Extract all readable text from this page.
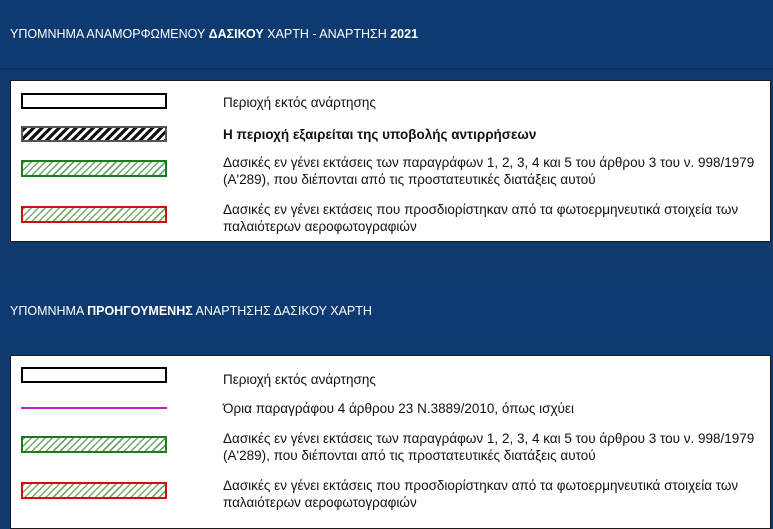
ΥΠΟΜΝΗΜΑ ΑΝΑΜΟΡΦΩΜΕΝΟΥ ΔΑΣΙΚΟΥ ΧΑΡΤΗ - ΑΝΑΡΤΗΣΗ 2021
Περιοχή εκτός ανάρτησης
Η περιοχή εξαιρείται της υποβολής αντιρρήσεων
Δασικές εν γένει εκτάσεις των παραγράφων 1, 2, 3, 4 και 5 του άρθρου 3 του ν. 998/1979 (Α'289), που διέπονται από τις προστατευτικές διατάξεις αυτού
Δασικές εν γένει εκτάσεις που προσδιορίστηκαν από τα φωτοερμηνευτικά στοιχεία των παλαιότερων αεροφωτογραφιών
ΥΠΟΜΝΗΜΑ ΠΡΟΗΓΟΥΜΕΝΗΣ ΑΝΑΡΤΗΣΗΣ ΔΑΣΙΚΟΥ ΧΑΡΤΗ
Περιοχή εκτός ανάρτησης
Όρια παραγράφου 4 άρθρου 23 Ν.3889/2010, όπως ισχύει
Δασικές εν γένει εκτάσεις των παραγράφων 1, 2, 3, 4 και 5 του άρθρου 3 του ν. 998/1979 (Α'289), που διέπονται από τις προστατευτικές διατάξεις αυτού
Δασικές εν γένει εκτάσεις που προσδιορίστηκαν από τα φωτοερμηνευτικά στοιχεία των παλαιότερων αεροφωτογραφιών
